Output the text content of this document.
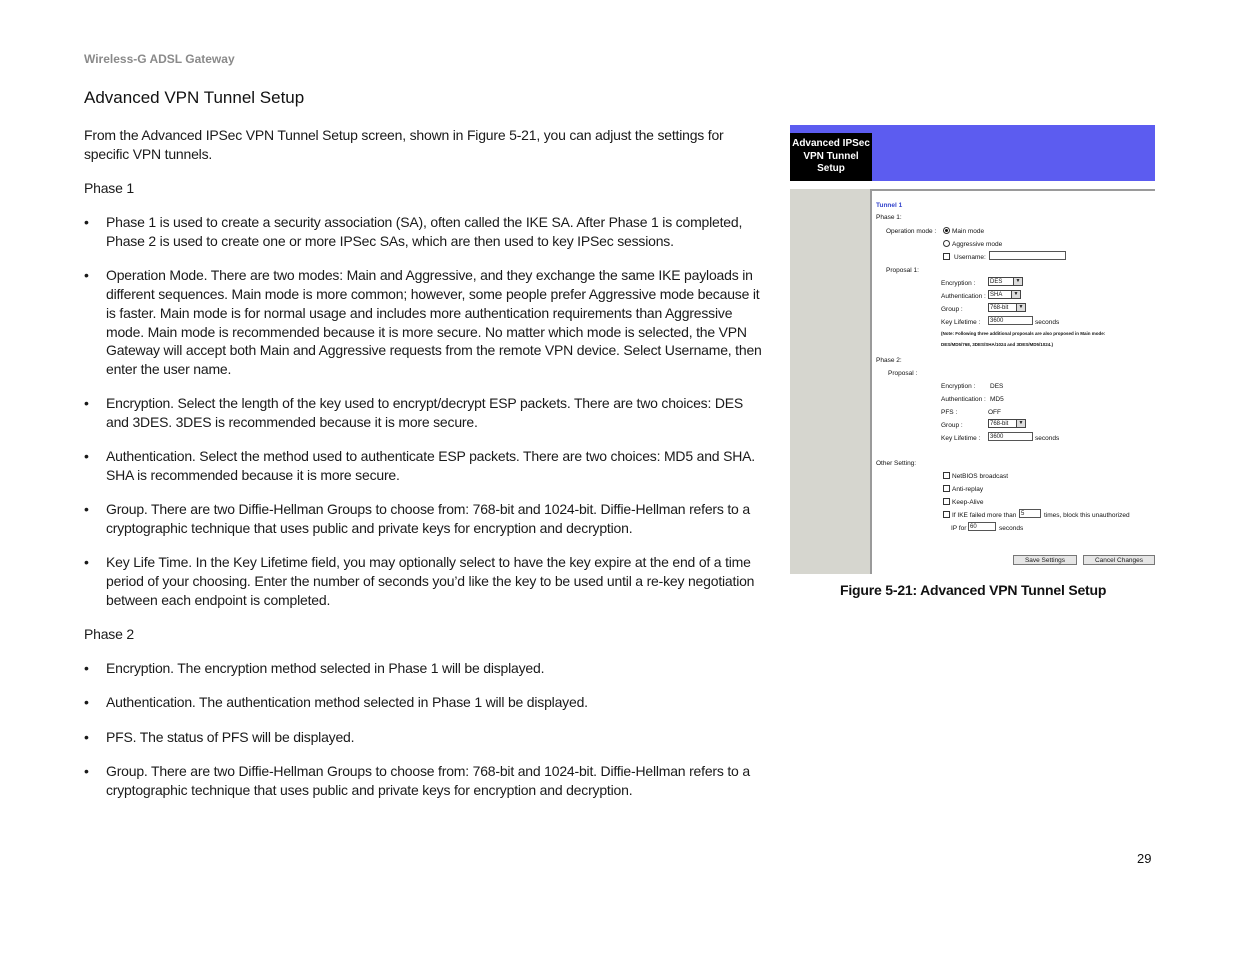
Wireless-G ADSL Gateway
Advanced VPN Tunnel Setup

From the Advanced IPSec VPN Tunnel Setup screen, shown in Figure 5-21, you can adjust the settings for specific VPN tunnels.

Phase 1

• Phase 1 is used to create a security association (SA), often called the IKE SA. After Phase 1 is completed, Phase 2 is used to create one or more IPSec SAs, which are then used to key IPSec sessions.
• Operation Mode. There are two modes: Main and Aggressive, and they exchange the same IKE payloads in different sequences. Main mode is more common; however, some people prefer Aggressive mode because it is faster. Main mode is for normal usage and includes more authentication requirements than Aggressive mode. Main mode is recommended because it is more secure. No matter which mode is selected, the VPN Gateway will accept both Main and Aggressive requests from the remote VPN device. Select Username, then enter the user name.
• Encryption. Select the length of the key used to encrypt/decrypt ESP packets. There are two choices: DES and 3DES. 3DES is recommended because it is more secure.
• Authentication. Select the method used to authenticate ESP packets. There are two choices: MD5 and SHA. SHA is recommended because it is more secure.
• Group. There are two Diffie-Hellman Groups to choose from: 768-bit and 1024-bit. Diffie-Hellman refers to a cryptographic technique that uses public and private keys for encryption and decryption.
• Key Life Time. In the Key Lifetime field, you may optionally select to have the key expire at the end of a time period of your choosing. Enter the number of seconds you’d like the key to be used until a re-key negotiation between each endpoint is completed.

Phase 2

• Encryption. The encryption method selected in Phase 1 will be displayed.
• Authentication. The authentication method selected in Phase 1 will be displayed.
• PFS. The status of PFS will be displayed.
• Group. There are two Diffie-Hellman Groups to choose from: 768-bit and 1024-bit. Diffie-Hellman refers to a cryptographic technique that uses public and private keys for encryption and decryption.
Advanced IPSec VPN Tunnel Setup
Tunnel 1
Phase 1:
Operation mode : Main mode
Aggressive mode
Username:
Proposal 1:
Encryption :	DES	▼
Authentication : SHA	▼
Group :	768-bit	▼
Key Lifetime :	3600	seconds
(Note: Following three additional proposals are also proposed in Main mode:
DES/MD5/768, 3DES/SHA/1024 and 3DES/MD5/1024.)
Phase 2:
Proposal :
Encryption : DES
Authentication : MD5
PFS :	OFF
Group :	768-bit	▼
Key Lifetime :	3600	seconds
Other Setting:
NetBIOS broadcast
Anti-replay
Keep-Alive
If IKE failed more than 5	times, block this unauthorized
IP for 60	seconds
Save Settings	Cancel Changes
Figure 5-21: Advanced VPN Tunnel Setup
29
